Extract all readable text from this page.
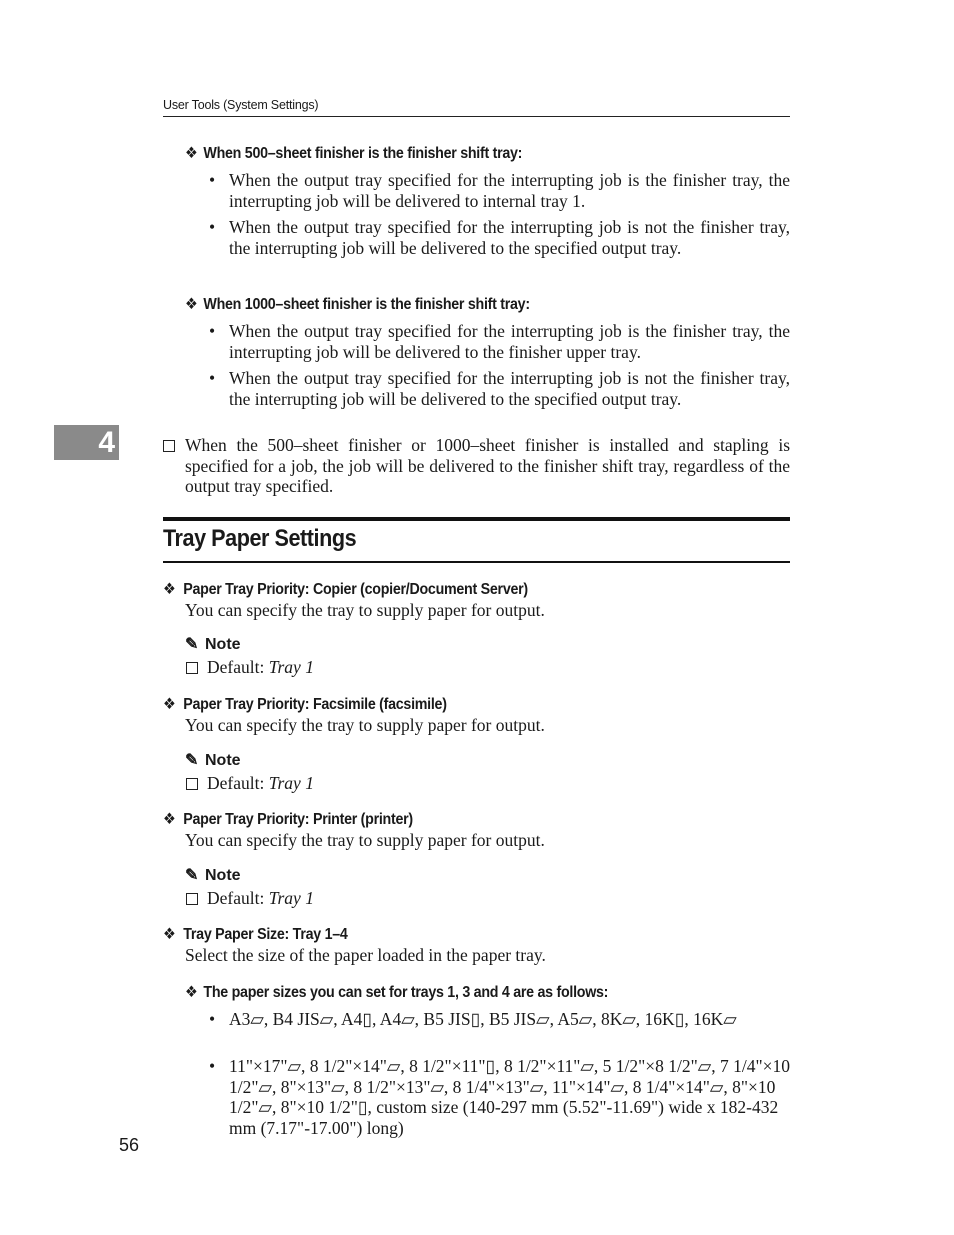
User Tools (System Settings)
4
❖ When 500–sheet finisher is the finisher shift tray:
• When the output tray specified for the interrupting job is the finisher tray, the interrupting job will be delivered to internal tray 1.
• When the output tray specified for the interrupting job is not the finisher tray, the interrupting job will be delivered to the specified output tray.
❖ When 1000–sheet finisher is the finisher shift tray:
• When the output tray specified for the interrupting job is the finisher tray, the interrupting job will be delivered to the finisher upper tray.
• When the output tray specified for the interrupting job is not the finisher tray, the interrupting job will be delivered to the specified output tray.
When the 500–sheet finisher or 1000–sheet finisher is installed and stapling is specified for a job, the job will be delivered to the finisher shift tray, regardless of the output tray specified.
Tray Paper Settings
❖ Paper Tray Priority: Copier (copier/Document Server)
You can specify the tray to supply paper for output.
✎ Note
Default: Tray 1
❖ Paper Tray Priority: Facsimile (facsimile)
You can specify the tray to supply paper for output.
✎ Note
Default: Tray 1
❖ Paper Tray Priority: Printer (printer)
You can specify the tray to supply paper for output.
✎ Note
Default: Tray 1
❖ Tray Paper Size: Tray 1–4
Select the size of the paper loaded in the paper tray.
❖ The paper sizes you can set for trays 1, 3 and 4 are as follows:
• A3▱, B4 JIS▱, A4▯, A4▱, B5 JIS▯, B5 JIS▱, A5▱, 8K▱, 16K▯, 16K▱
• 11"×17"▱, 8 1/2"×14"▱, 8 1/2"×11"▯, 8 1/2"×11"▱, 5 1/2"×8 1/2"▱, 7 1/4"×10 1/2"▱, 8"×13"▱, 8 1/2"×13"▱, 8 1/4"×13"▱, 11"×14"▱, 8 1/4"×14"▱, 8"×10 1/2"▱, 8"×10 1/2"▯, custom size (140-297 mm (5.52"-11.69") wide x 182-432 mm (7.17"-17.00") long)
56
